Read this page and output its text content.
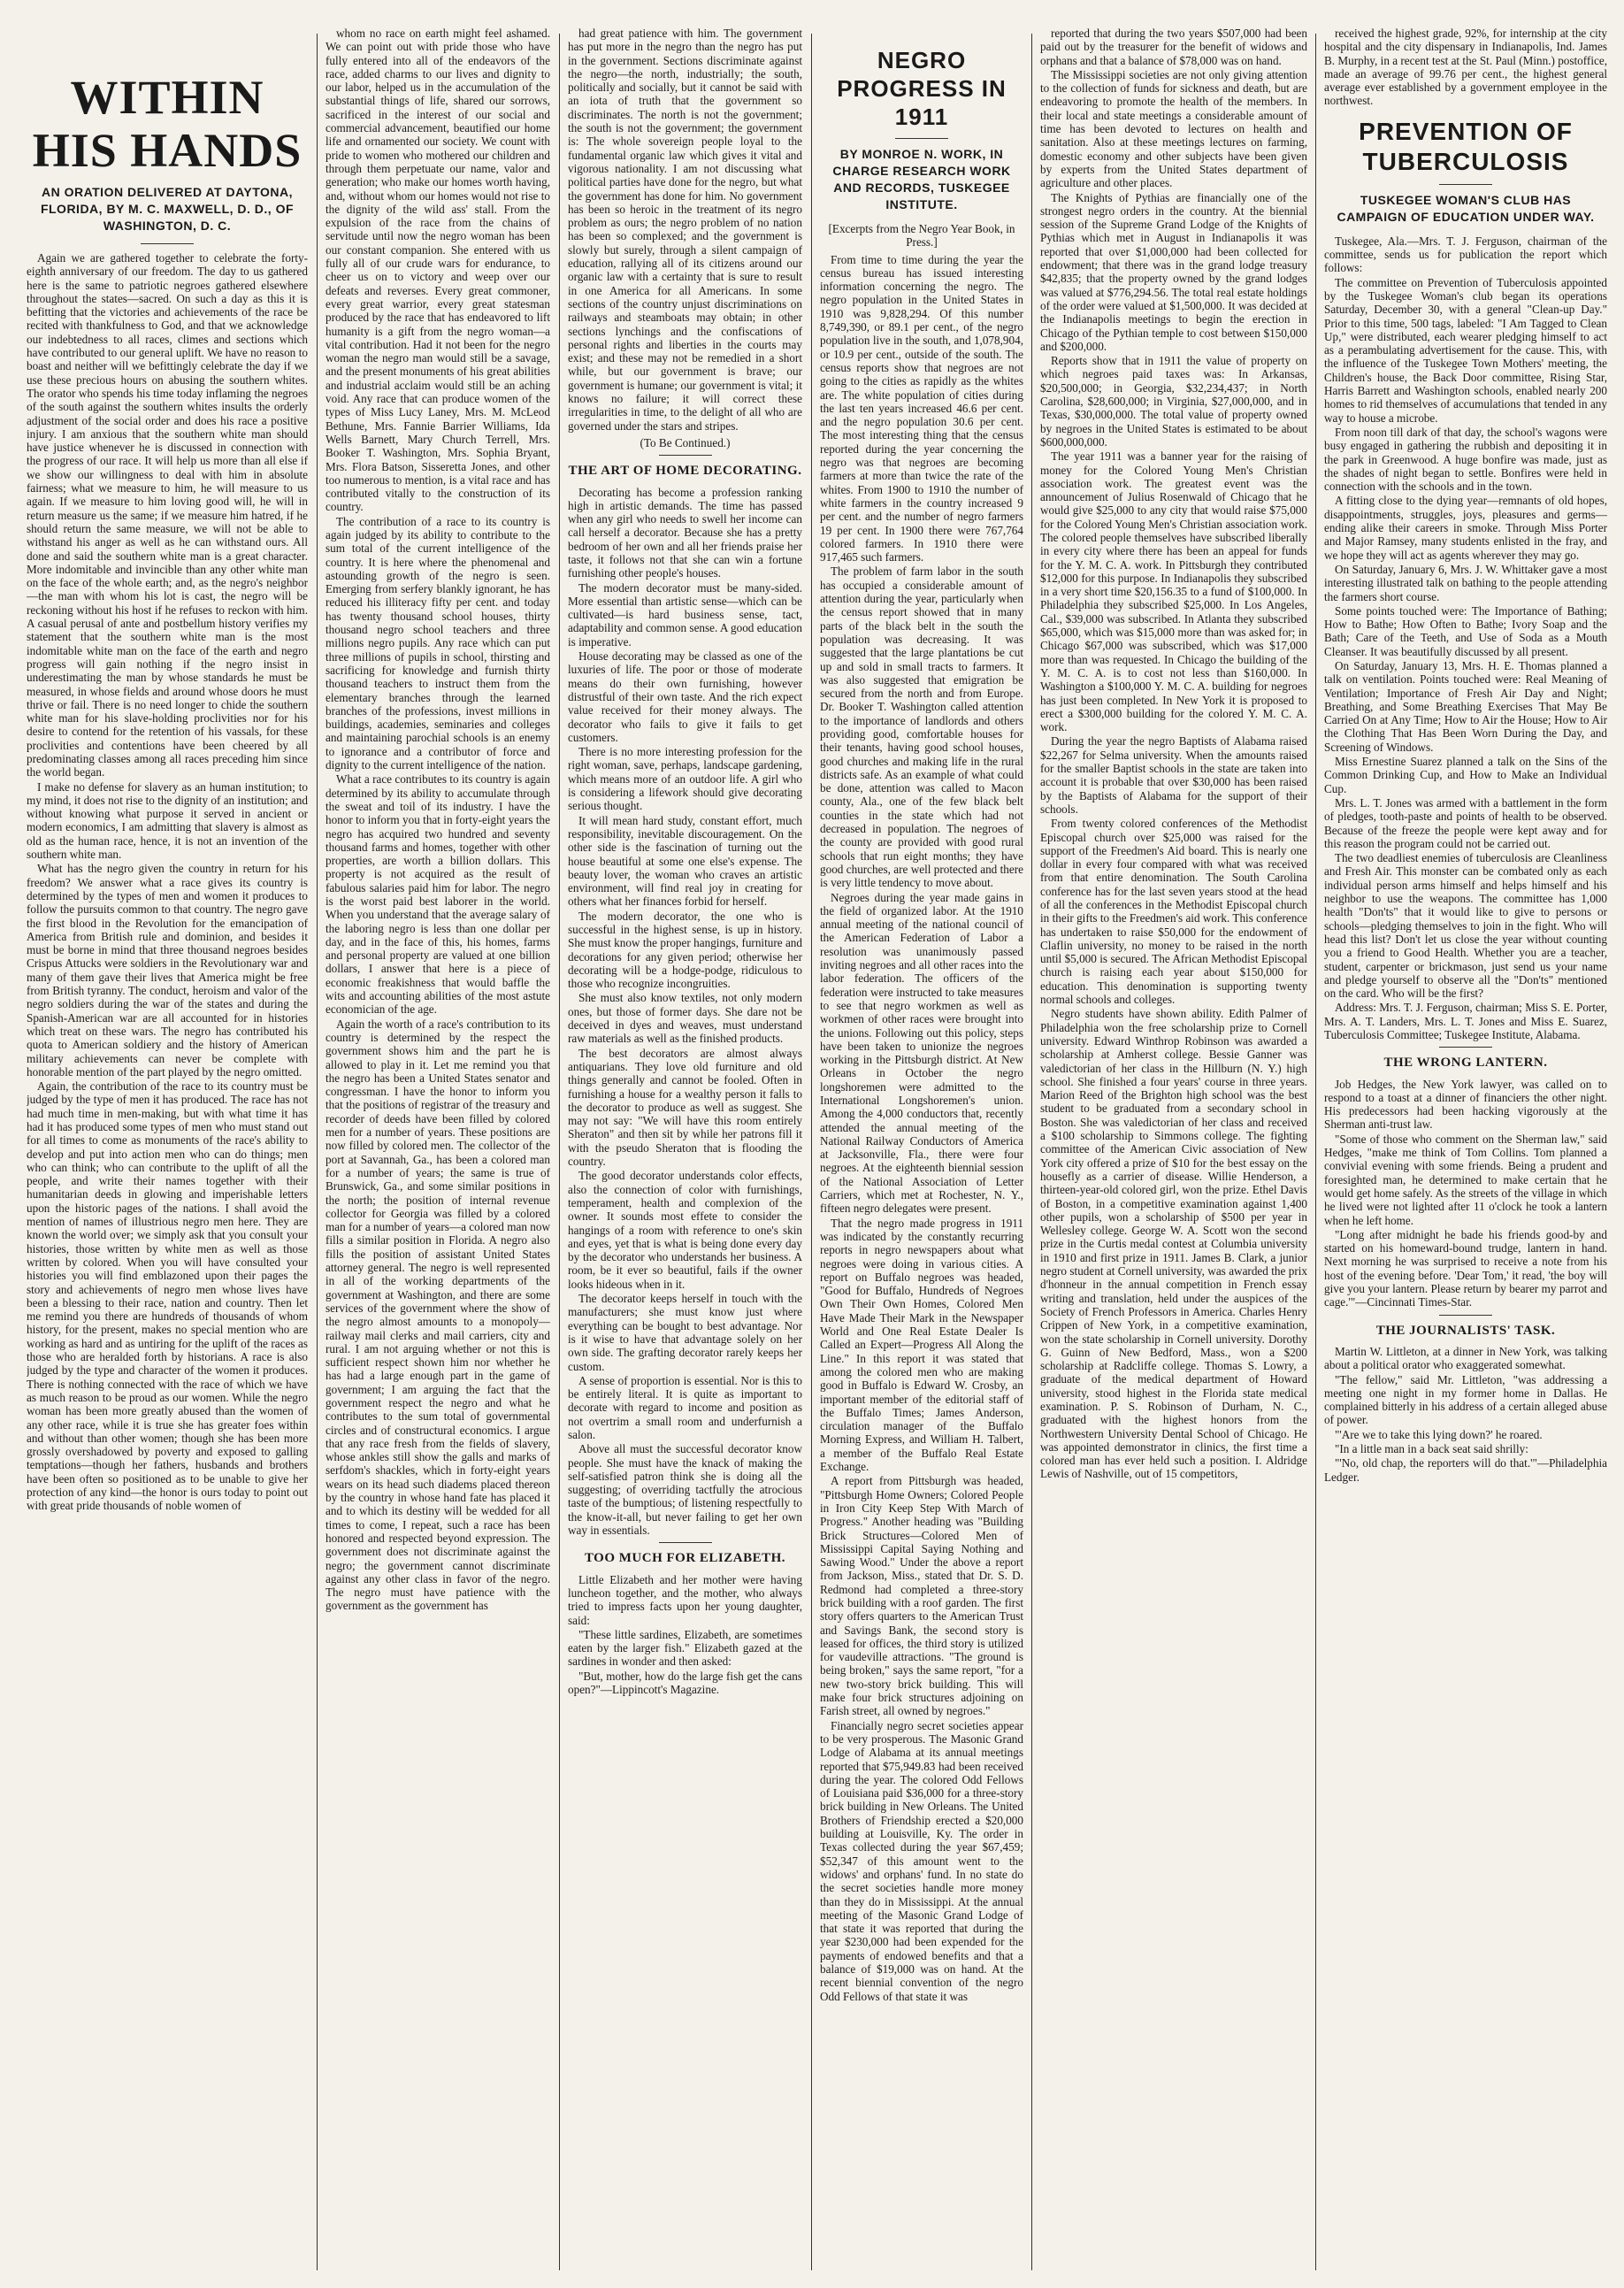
WITHIN HIS HANDS
AN ORATION DELIVERED AT DAYTONA, FLORIDA, BY M. C. MAXWELL, D. D., OF WASHINGTON, D. C.

Again we are gathered together to celebrate the forty-eighth anniversary of our freedom. The day to us gathered here is the same to patriotic negroes gathered elsewhere throughout the states—sacred. On such a day as this it is befitting that the victories and achievements of the race be recited with thankfulness to God, and that we acknowledge our indebtedness to all races, climes and sections which have contributed to our general uplift. We have no reason to boast and neither will we befittingly celebrate the day if we use these precious hours on abusing the southern whites. The orator who spends his time today inflaming the negroes of the south against the southern whites insults the orderly adjustment of the social order and does his race a positive injury. I am anxious that the southern white man should have justice whenever he is discussed in connection with the progress of our race. It will help us more than all else if we show our willingness to deal with him in absolute fairness; what we measure to him, he will measure to us again. If we measure to him loving good will, he will in return measure us the same; if we measure him hatred, if he should return the same measure, we will not be able to withstand his anger as well as he can withstand ours. All done and said the southern white man is a great character. More indomitable and invincible than any other white man on the face of the whole earth; and, as the negro's neighbor—the man with whom his lot is cast, the negro will be reckoning without his host if he refuses to reckon with him. A casual perusal of ante and postbellum history verifies my statement that the southern white man is the most indomitable white man on the face of the earth and negro progress will gain nothing if the negro insist in underestimating the man by whose standards he must be measured, in whose fields and around whose doors he must thrive or fail. There is no need longer to chide the southern white man for his slave-holding proclivities nor for his desire to contend for the retention of his vassals, for these proclivities and contentions have been cheered by all predominating classes among all races preceding him since the world began.

I make no defense for slavery as an human institution; to my mind, it does not rise to the dignity of an institution; and without knowing what purpose it served in ancient or modern economics, I am admitting that slavery is almost as old as the human race, hence, it is not an invention of the southern white man.

What has the negro given the country in return for his freedom? We answer what a race gives its country is determined by the types of men and women it produces to follow the pursuits common to that country. The negro gave the first blood in the Revolution for the emancipation of America from British rule and dominion, and besides it must be borne in mind that three thousand negroes besides Crispus Attucks were soldiers in the Revolutionary war and many of them gave their lives that America might be free from British tyranny. The conduct, heroism and valor of the negro soldiers during the war of the states and during the Spanish-American war are all accounted for in histories which treat on these wars. The negro has contributed his quota to American soldiery and the history of American military achievements can never be complete with honorable mention of the part played by the negro omitted.

Again, the contribution of the race to its country must be judged by the type of men it has produced. The race has not had much time in men-making, but with what time it has had it has produced some types of men who must stand out for all times to come as monuments of the race's ability to develop and put into action men who can do things; men who can think; who can contribute to the uplift of all the people, and write their names together with their humanitarian deeds in glowing and imperishable letters upon the historic pages of the nations. I shall avoid the mention of names of illustrious negro men here. They are known the world over; we simply ask that you consult your histories, those written by white men as well as those written by colored. When you will have consulted your histories you will find emblazoned upon their pages the story and achievements of negro men whose lives have been a blessing to their race, nation and country. Then let me remind you there are hundreds of thousands of whom history, for the present, makes no special mention who are working as hard and as untiring for the uplift of the races as those who are heralded forth by historians. A race is also judged by the type and character of the women it produces. There is nothing connected with the race of which we have as much reason to be proud as our women. While the negro woman has been more greatly abused than the women of any other race, while it is true she has greater foes within and without than other women; though she has been more grossly overshadowed by poverty and exposed to galling temptations—though her fathers, husbands and brothers have been often so positioned as to be unable to give her protection of any kind—the honor is ours today to point out with great pride thousands of noble women of

whom no race on earth might feel ashamed. We can point out with pride those who have fully entered into all of the endeavors of the race, added charms to our lives and dignity to our labor, helped us in the accumulation of the substantial things of life, shared our sorrows, sacrificed in the interest of our social and commercial advancement, beautified our home life and ornamented our society. We count with pride to women who mothered our children and through them perpetuate our name, valor and generation; who make our homes worth having, and, without whom our homes would not rise to the dignity of the wild ass' stall. From the expulsion of the race from the chains of servitude until now the negro woman has been our constant companion. She entered with us fully all of our crude wars for endurance, to cheer us on to victory and weep over our defeats and reverses. Every great commoner, every great warrior, every great statesman produced by the race that has endeavored to lift humanity is a gift from the negro woman—a vital contribution. Had it not been for the negro woman the negro man would still be a savage, and the present monuments of his great abilities and industrial acclaim would still be an aching void. Any race that can produce women of the types of Miss Lucy Laney, Mrs. M. McLeod Bethune, Mrs. Fannie Barrier Williams, Ida Wells Barnett, Mary Church Terrell, Mrs. Booker T. Washington, Mrs. Sophia Bryant, Mrs. Flora Batson, Sisseretta Jones, and other too numerous to mention, is a vital race and has contributed vitally to the construction of its country.

The contribution of a race to its country is again judged by its ability to contribute to the sum total of the current intelligence of the country. It is here where the phenomenal and astounding growth of the negro is seen. Emerging from serfery blankly ignorant, he has reduced his illiteracy fifty per cent. and today has twenty thousand school houses, thirty thousand negro school teachers and three millions negro pupils. Any race which can put three millions of pupils in school, thirsting and sacrificing for knowledge and furnish thirty thousand teachers to instruct them from the elementary branches through the learned branches of the professions, invest millions in buildings, academies, seminaries and colleges and maintaining parochial schools is an enemy to ignorance and a contributor of force and dignity to the current intelligence of the nation.

What a race contributes to its country is again determined by its ability to accumulate through the sweat and toil of its industry. I have the honor to inform you that in forty-eight years the negro has acquired two hundred and seventy thousand farms and homes, together with other properties, are worth a billion dollars. This property is not acquired as the result of fabulous salaries paid him for labor. The negro is the worst paid best laborer in the world. When you understand that the average salary of the laboring negro is less than one dollar per day, and in the face of this, his homes, farms and personal property are valued at one billion dollars, I answer that here is a piece of economic freakishness that would baffle the wits and accounting abilities of the most astute economician of the age.

Again the worth of a race's contribution to its country is determined by the respect the government shows him and the part he is allowed to play in it. Let me remind you that the negro has been a United States senator and congressman. I have the honor to inform you that the positions of registrar of the treasury and recorder of deeds have been filled by colored men for a number of years. These positions are now filled by colored men. The collector of the port at Savannah, Ga., has been a colored man for a number of years; the same is true of Brunswick, Ga., and some similar positions in the north; the position of internal revenue collector for Georgia was filled by a colored man for a number of years—a colored man now fills a similar position in Florida. A negro also fills the position of assistant United States attorney general. The negro is well represented in all of the working departments of the government at Washington, and there are some services of the government where the show of the negro almost amounts to a monopoly—railway mail clerks and mail carriers, city and rural. I am not arguing whether or not this is sufficient respect shown him nor whether he has had a large enough part in the game of government; I am arguing the fact that the government respect the negro and what he contributes to the sum total of governmental circles and of constructural economics. I argue that any race fresh from the fields of slavery, whose ankles still show the galls and marks of serfdom's shackles, which in forty-eight years wears on its head such diadems placed thereon by the country in whose hand fate has placed it and to which its destiny will be wedded for all times to come, I repeat, such a race has been honored and respected beyond expression. The government does not discriminate against the negro; the government cannot discriminate against any other class in favor of the negro. The negro must have patience with the government as the government has

had great patience with him. The government has put more in the negro than the negro has put in the government. Sections discriminate against the negro—the north, industrially; the south, politically and socially, but it cannot be said with an iota of truth that the government so discriminates. The north is not the government; the south is not the government; the government is: The whole sovereign people loyal to the fundamental organic law which gives it vital and vigorous nationality. I am not discussing what political parties have done for the negro, but what the government has done for him. No government has been so heroic in the treatment of its negro problem as ours; the negro problem of no nation has been so complexed; and the government is slowly but surely, through a silent campaign of education, rallying all of its citizens around our organic law with a certainty that is sure to result in one America for all Americans. In some sections of the country unjust discriminations on railways and steamboats may obtain; in other sections lynchings and the confiscations of personal rights and liberties in the courts may exist; and these may not be remedied in a short while, but our government is brave; our government is humane; our government is vital; it knows no failure; it will correct these irregularities in time, to the delight of all who are governed under the stars and stripes.

(To Be Continued.)
THE ART OF HOME DECORATING.

Decorating has become a profession ranking high in artistic demands. The time has passed when any girl who needs to swell her income can call herself a decorator. Because she has a pretty bedroom of her own and all her friends praise her taste, it follows not that she can win a fortune furnishing other people's houses.

The modern decorator must be many-sided. More essential than artistic sense—which can be cultivated—is hard business sense, tact, adaptability and common sense. A good education is imperative.

House decorating may be classed as one of the luxuries of life. The poor or those of moderate means do their own furnishing, however distrustful of their own taste. And the rich expect value received for their money always. The decorator who fails to give it fails to get customers.

There is no more interesting profession for the right woman, save, perhaps, landscape gardening, which means more of an outdoor life. A girl who is considering a lifework should give decorating serious thought.

It will mean hard study, constant effort, much responsibility, inevitable discouragement. On the other side is the fascination of turning out the house beautiful at some one else's expense. The beauty lover, the woman who craves an artistic environment, will find real joy in creating for others what her finances forbid for herself.

The modern decorator, the one who is successful in the highest sense, is up in history. She must know the proper hangings, furniture and decorations for any given period; otherwise her decorating will be a hodge-podge, ridiculous to those who recognize incongruities.

She must also know textiles, not only modern ones, but those of former days. She dare not be deceived in dyes and weaves, must understand raw materials as well as the finished products.

The best decorators are almost always antiquarians. They love old furniture and old things generally and cannot be fooled. Often in furnishing a house for a wealthy person it falls to the decorator to produce as well as suggest. She may not say: "We will have this room entirely Sheraton" and then sit by while her patrons fill it with the pseudo Sheraton that is flooding the country.

The good decorator understands color effects, also the connection of color with furnishings, temperament, health and complexion of the owner. It sounds most effete to consider the hangings of a room with reference to one's skin and eyes, yet that is what is being done every day by the decorator who understands her business. A room, be it ever so beautiful, fails if the owner looks hideous when in it.

The decorator keeps herself in touch with the manufacturers; she must know just where everything can be bought to best advantage. Nor is it wise to have that advantage solely on her own side. The grafting decorator rarely keeps her custom.

A sense of proportion is essential. Nor is this to be entirely literal. It is quite as important to decorate with regard to income and position as not overtrim a small room and underfurnish a salon.

Above all must the successful decorator know people. She must have the knack of making the self-satisfied patron think she is doing all the suggesting; of overriding tactfully the atrocious taste of the bumptious; of listening respectfully to the know-it-all, but never failing to get her own way in essentials.

TOO MUCH FOR ELIZABETH.

Little Elizabeth and her mother were having luncheon together, and the mother, who always tried to impress facts upon her young daughter, said:

"These little sardines, Elizabeth, are sometimes eaten by the larger fish." Elizabeth gazed at the sardines in wonder and then asked:

"But, mother, how do the large fish get the cans open?"—Lippincott's Magazine.

NEGRO PROGRESS IN 1911
BY MONROE N. WORK, IN CHARGE RESEARCH WORK AND RECORDS, TUSKEGEE INSTITUTE.
[Excerpts from the Negro Year Book, in Press.]

From time to time during the year the census bureau has issued interesting information concerning the negro. The negro population in the United States in 1910 was 9,828,294. Of this number 8,749,390, or 89.1 per cent., of the negro population live in the south, and 1,078,904, or 10.9 per cent., outside of the south. The census reports show that negroes are not going to the cities as rapidly as the whites are. The white population of cities during the last ten years increased 46.6 per cent. and the negro population 30.6 per cent. The most interesting thing that the census reported during the year concerning the negro was that negroes are becoming farmers at more than twice the rate of the whites. From 1900 to 1910 the number of white farmers in the country increased 9 per cent. and the number of negro farmers 19 per cent. In 1900 there were 767,764 colored farmers. In 1910 there were 917,465 such farmers.

The problem of farm labor in the south has occupied a considerable amount of attention during the year, particularly when the census report showed that in many parts of the black belt in the south the population was decreasing. It was suggested that the large plantations be cut up and sold in small tracts to farmers. It was also suggested that emigration be secured from the north and from Europe. Dr. Booker T. Washington called attention to the importance of landlords and others providing good, comfortable houses for their tenants, having good school houses, good churches and making life in the rural districts safe. As an example of what could be done, attention was called to Macon county, Ala., one of the few black belt counties in the state which had not decreased in population. The negroes of the county are provided with good rural schools that run eight months; they have good churches, are well protected and there is very little tendency to move about.

Negroes during the year made gains in the field of organized labor. At the 1910 annual meeting of the national council of the American Federation of Labor a resolution was unanimously passed inviting negroes and all other races into the labor federation. The officers of the federation were instructed to take measures to see that negro workmen as well as workmen of other races were brought into the unions. Following out this policy, steps have been taken to unionize the negroes working in the Pittsburgh district. At New Orleans in October the negro longshoremen were admitted to the International Longshoremen's union. Among the 4,000 conductors that, recently attended the annual meeting of the National Railway Conductors of America at Jacksonville, Fla., there were four negroes. At the eighteenth biennial session of the National Association of Letter Carriers, which met at Rochester, N. Y., fifteen negro delegates were present.

That the negro made progress in 1911 was indicated by the constantly recurring reports in negro newspapers about what negroes were doing in various cities. A report on Buffalo negroes was headed, "Good for Buffalo, Hundreds of Negroes Own Their Own Homes, Colored Men Have Made Their Mark in the Newspaper World and One Real Estate Dealer Is Called an Expert—Progress All Along the Line." In this report it was stated that among the colored men who are making good in Buffalo is Edward W. Crosby, an important member of the editorial staff of the Buffalo Times; James Anderson, circulation manager of the Buffalo Morning Express, and William H. Talbert, a member of the Buffalo Real Estate Exchange.

A report from Pittsburgh was headed, "Pittsburgh Home Owners; Colored People in Iron City Keep Step With March of Progress." Another heading was "Building Brick Structures—Colored Men of Mississippi Capital Saying Nothing and Sawing Wood." Under the above a report from Jackson, Miss., stated that Dr. S. D. Redmond had completed a three-story brick building with a roof garden. The first story offers quarters to the American Trust and Savings Bank, the second story is leased for offices, the third story is utilized for vaudeville attractions. "The ground is being broken," says the same report, "for a new two-story brick building. This will make four brick structures adjoining on Farish street, all owned by negroes."

Financially negro secret societies appear to be very prosperous. The Masonic Grand Lodge of Alabama at its annual meetings reported that $75,949.83 had been received during the year. The colored Odd Fellows of Louisiana paid $36,000 for a three-story brick building in New Orleans. The United Brothers of Friendship erected a $20,000 building at Louisville, Ky. The order in Texas collected during the year $67,459; $52,347 of this amount went to the widows' and orphans' fund. In no state do the secret societies handle more money than they do in Mississippi. At the annual meeting of the Masonic Grand Lodge of that state it was reported that during the year $230,000 had been expended for the payments of endowed benefits and that a balance of $19,000 was on hand. At the recent biennial convention of the negro Odd Fellows of that state it was

reported that during the two years $507,000 had been paid out by the treasurer for the benefit of widows and orphans and that a balance of $78,000 was on hand.

The Mississippi societies are not only giving attention to the collection of funds for sickness and death, but are endeavoring to promote the health of the members. In their local and state meetings a considerable amount of time has been devoted to lectures on health and sanitation. Also at these meetings lectures on farming, domestic economy and other subjects have been given by experts from the United States department of agriculture and other places.

The Knights of Pythias are financially one of the strongest negro orders in the country. At the biennial session of the Supreme Grand Lodge of the Knights of Pythias which met in August in Indianapolis it was reported that over $1,000,000 had been collected for endowment; that there was in the grand lodge treasury $42,835; that the property owned by the grand lodges was valued at $776,294.56. The total real estate holdings of the order were valued at $1,500,000. It was decided at the Indianapolis meetings to begin the erection in Chicago of the Pythian temple to cost between $150,000 and $200,000.

Reports show that in 1911 the value of property on which negroes paid taxes was: In Arkansas, $20,500,000; in Georgia, $32,234,437; in North Carolina, $28,600,000; in Virginia, $27,000,000, and in Texas, $30,000,000. The total value of property owned by negroes in the United States is estimated to be about $600,000,000.

The year 1911 was a banner year for the raising of money for the Colored Young Men's Christian association work. The greatest event was the announcement of Julius Rosenwald of Chicago that he would give $25,000 to any city that would raise $75,000 for the Colored Young Men's Christian association work. The colored people themselves have subscribed liberally in every city where there has been an appeal for funds for the Y. M. C. A. work. In Pittsburgh they contributed $12,000 for this purpose. In Indianapolis they subscribed in a very short time $20,156.35 to a fund of $100,000. In Philadelphia they subscribed $25,000. In Los Angeles, Cal., $39,000 was subscribed. In Atlanta they subscribed $65,000, which was $15,000 more than was asked for; in Chicago $67,000 was subscribed, which was $17,000 more than was requested. In Chicago the building of the Y. M. C. A. is to cost not less than $160,000. In Washington a $100,000 Y. M. C. A. building for negroes has just been completed. In New York it is proposed to erect a $300,000 building for the colored Y. M. C. A. work.

During the year the negro Baptists of Alabama raised $22,267 for Selma university. When the amounts raised for the smaller Baptist schools in the state are taken into account it is probable that over $30,000 has been raised by the Baptists of Alabama for the support of their schools.

From twenty colored conferences of the Methodist Episcopal church over $25,000 was raised for the support of the Freedmen's Aid board. This is nearly one dollar in every four compared with what was received from that entire denomination. The South Carolina conference has for the last seven years stood at the head of all the conferences in the Methodist Episcopal church in their gifts to the Freedmen's aid work. This conference has undertaken to raise $50,000 for the endowment of Claflin university, no money to be raised in the north until $5,000 is secured. The African Methodist Episcopal church is raising each year about $150,000 for education. This denomination is supporting twenty normal schools and colleges.

Negro students have shown ability. Edith Palmer of Philadelphia won the free scholarship prize to Cornell university. Edward Winthrop Robinson was awarded a scholarship at Amherst college. Bessie Ganner was valedictorian of her class in the Hillburn (N. Y.) high school. She finished a four years' course in three years. Marion Reed of the Brighton high school was the best student to be graduated from a secondary school in Boston. She was valedictorian of her class and received a $100 scholarship to Simmons college. The fighting committee of the American Civic association of New York city offered a prize of $10 for the best essay on the housefly as a carrier of disease. Willie Henderson, a thirteen-year-old colored girl, won the prize. Ethel Davis of Boston, in a competitive examination against 1,400 other pupils, won a scholarship of $500 per year in Wellesley college. George W. A. Scott won the second prize in the Curtis medal contest at Columbia university in 1910 and first prize in 1911. James B. Clark, a junior negro student at Cornell university, was awarded the prix d'honneur in the annual competition in French essay writing and translation, held under the auspices of the Society of French Professors in America. Charles Henry Crippen of New York, in a competitive examination, won the state scholarship in Cornell university. Dorothy G. Guinn of New Bedford, Mass., won a $200 scholarship at Radcliffe college. Thomas S. Lowry, a graduate of the medical department of Howard university, stood highest in the Florida state medical examination. P. S. Robinson of Durham, N. C., graduated with the highest honors from the Northwestern University Dental School of Chicago. He was appointed demonstrator in clinics, the first time a colored man has ever held such a position. I. Aldridge Lewis of Nashville, out of 15 competitors,

received the highest grade, 92%, for internship at the city hospital and the city dispensary in Indianapolis, Ind. James B. Murphy, in a recent test at the St. Paul (Minn.) postoffice, made an average of 99.76 per cent., the highest general average ever established by a government employee in the northwest.

PREVENTION OF TUBERCULOSIS
TUSKEGEE WOMAN'S CLUB HAS CAMPAIGN OF EDUCATION UNDER WAY.

Tuskegee, Ala.—Mrs. T. J. Ferguson, chairman of the committee, sends us for publication the report which follows:

The committee on Prevention of Tuberculosis appointed by the Tuskegee Woman's club began its operations Saturday, December 30, with a general "Clean-up Day." Prior to this time, 500 tags, labeled: "I Am Tagged to Clean Up," were distributed, each wearer pledging himself to act as a perambulating advertisement for the cause. This, with the influence of the Tuskegee Town Mothers' meeting, the Children's house, the Back Door committee, Rising Star, Harris Barrett and Washington schools, enabled nearly 200 homes to rid themselves of accumulations that tended in any way to house a microbe.

From noon till dark of that day, the school's wagons were busy engaged in gathering the rubbish and depositing it in the park in Greenwood. A huge bonfire was made, just as the shades of night began to settle. Bonfires were held in connection with the schools and in the town.

A fitting close to the dying year—remnants of old hopes, disappointments, struggles, joys, pleasures and germs—ending alike their careers in smoke. Through Miss Porter and Major Ramsey, many students enlisted in the fray, and we hope they will act as agents wherever they may go.

On Saturday, January 6, Mrs. J. W. Whittaker gave a most interesting illustrated talk on bathing to the people attending the farmers short course.

Some points touched were: The Importance of Bathing; How to Bathe; How Often to Bathe; Ivory Soap and the Bath; Care of the Teeth, and Use of Soda as a Mouth Cleanser. It was beautifully discussed by all present.

On Saturday, January 13, Mrs. H. E. Thomas planned a talk on ventilation. Points touched were: Real Meaning of Ventilation; Importance of Fresh Air Day and Night; Breathing, and Some Breathing Exercises That May Be Carried On at Any Time; How to Air the House; How to Air the Clothing That Has Been Worn During the Day, and Screening of Windows.

Miss Ernestine Suarez planned a talk on the Sins of the Common Drinking Cup, and How to Make an Individual Cup.

Mrs. L. T. Jones was armed with a battlement in the form of pledges, tooth-paste and points of health to be observed. Because of the freeze the people were kept away and for this reason the program could not be carried out.

The two deadliest enemies of tuberculosis are Cleanliness and Fresh Air. This monster can be combated only as each individual person arms himself and helps himself and his neighbor to use the weapons. The committee has 1,000 health "Don'ts" that it would like to give to persons or schools—pledging themselves to join in the fight. Who will head this list? Don't let us close the year without counting you a friend to Good Health. Whether you are a teacher, student, carpenter or brickmason, just send us your name and pledge yourself to observe all the "Don'ts" mentioned on the card. Who will be the first?

Address: Mrs. T. J. Ferguson, chairman; Miss S. E. Porter, Mrs. A. T. Landers, Mrs. L. T. Jones and Miss E. Suarez, Tuberculosis Committee; Tuskegee Institute, Alabama.

THE WRONG LANTERN.

Job Hedges, the New York lawyer, was called on to respond to a toast at a dinner of financiers the other night. His predecessors had been hacking vigorously at the Sherman anti-trust law.

"Some of those who comment on the Sherman law," said Hedges, "make me think of Tom Collins. Tom planned a convivial evening with some friends. Being a prudent and foresighted man, he determined to make certain that he would get home safely. As the streets of the village in which he lived were not lighted after 11 o'clock he took a lantern when he left home.

"Long after midnight he bade his friends good-by and started on his homeward-bound trudge, lantern in hand. Next morning he was surprised to receive a note from his host of the evening before. 'Dear Tom,' it read, 'the boy will give you your lantern. Please return by bearer my parrot and cage.'"—Cincinnati Times-Star.

THE JOURNALISTS' TASK.

Martin W. Littleton, at a dinner in New York, was talking about a political orator who exaggerated somewhat.

"The fellow," said Mr. Littleton, "was addressing a meeting one night in my former home in Dallas. He complained bitterly in his address of a certain alleged abuse of power.

"'Are we to take this lying down?' he roared.

"In a little man in a back seat said shrilly:

"'No, old chap, the reporters will do that.'"—Philadelphia Ledger.
